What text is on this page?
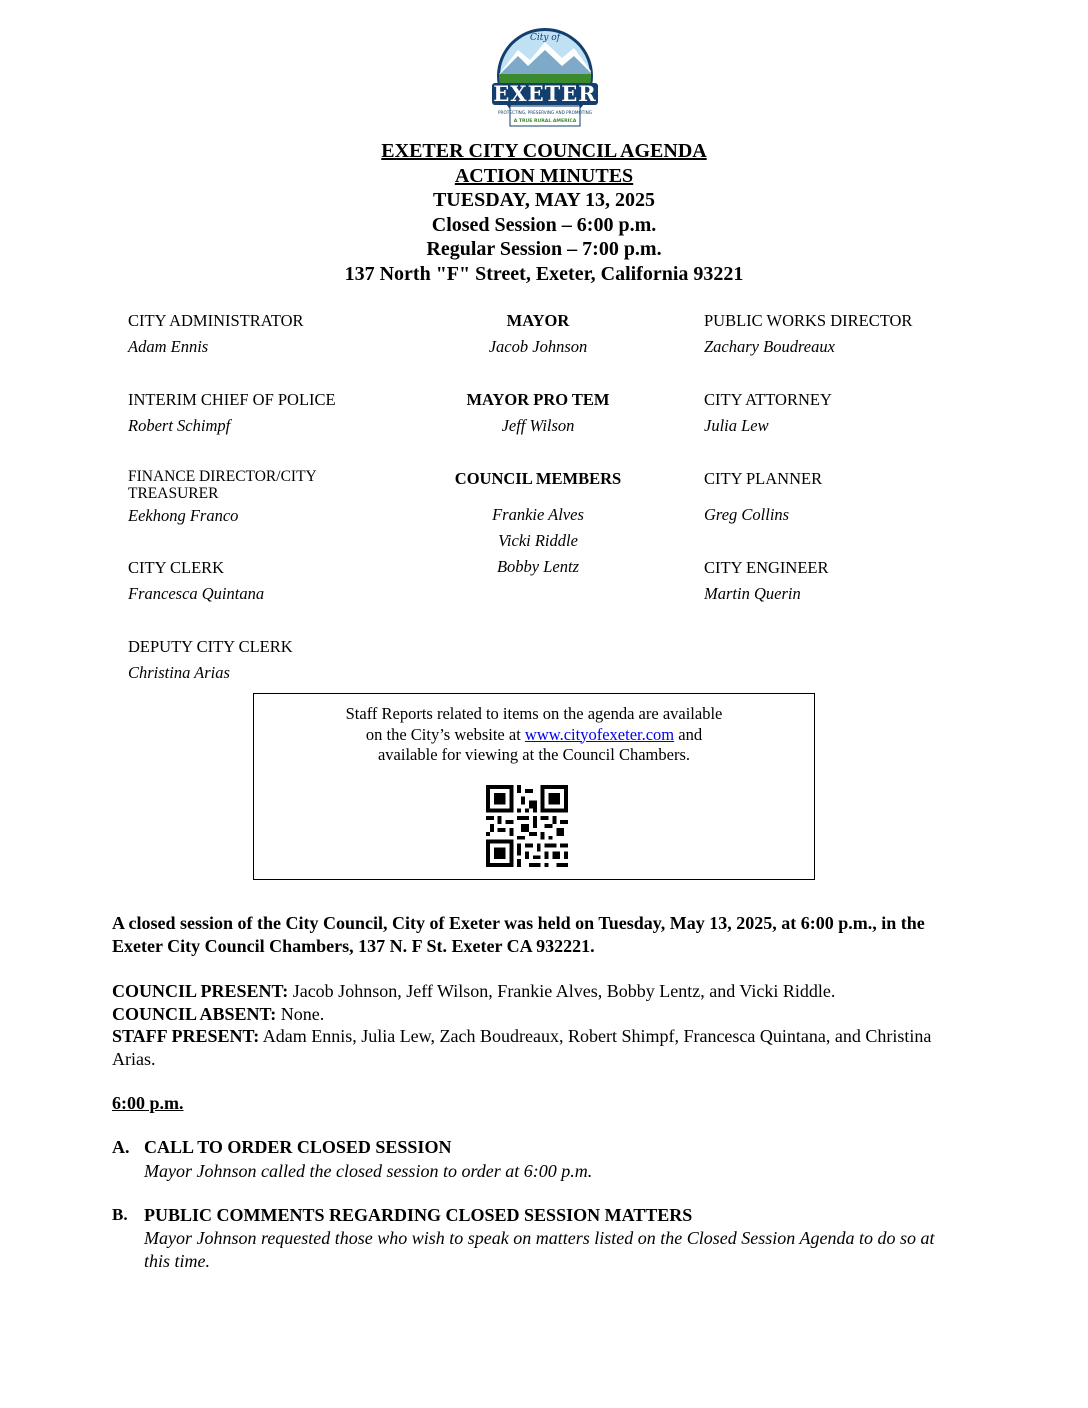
City of
EXETER
PROTECTING, PRESERVING AND PROMOTING
A TRUE RURAL AMERICA
EXETER CITY COUNCIL AGENDA
ACTION MINUTES
TUESDAY, MAY 13, 2025
Closed Session – 6:00 p.m.
Regular Session – 7:00 p.m.
137 North "F" Street, Exeter, California 93221
CITY ADMINISTRATOR
Adam Ennis
MAYOR
Jacob Johnson
PUBLIC WORKS DIRECTOR
Zachary Boudreaux
INTERIM CHIEF OF POLICE
Robert Schimpf
MAYOR PRO TEM
Jeff Wilson
CITY ATTORNEY
Julia Lew
FINANCE DIRECTOR/CITY
TREASURER
Eekhong Franco
COUNCIL MEMBERS
Frankie Alves
Vicki Riddle
Bobby Lentz
CITY PLANNER
Greg Collins
CITY CLERK
Francesca Quintana
CITY ENGINEER
Martin Querin
DEPUTY CITY CLERK
Christina Arias
Staff Reports related to items on the agenda are available
on the City’s website at www.cityofexeter.com and
available for viewing at the Council Chambers.
A closed session of the City Council, City of Exeter was held on Tuesday, May 13, 2025, at 6:00 p.m., in the Exeter City Council Chambers, 137 N. F St. Exeter CA 932221.
COUNCIL PRESENT: Jacob Johnson, Jeff Wilson, Frankie Alves, Bobby Lentz, and Vicki Riddle.
COUNCIL ABSENT: None.
STAFF PRESENT: Adam Ennis, Julia Lew, Zach Boudreaux, Robert Shimpf, Francesca Quintana, and Christina Arias.
6:00 p.m.
A. CALL TO ORDER CLOSED SESSION
Mayor Johnson called the closed session to order at 6:00 p.m.
B. PUBLIC COMMENTS REGARDING CLOSED SESSION MATTERS
Mayor Johnson requested those who wish to speak on matters listed on the Closed Session Agenda to do so at this time.
